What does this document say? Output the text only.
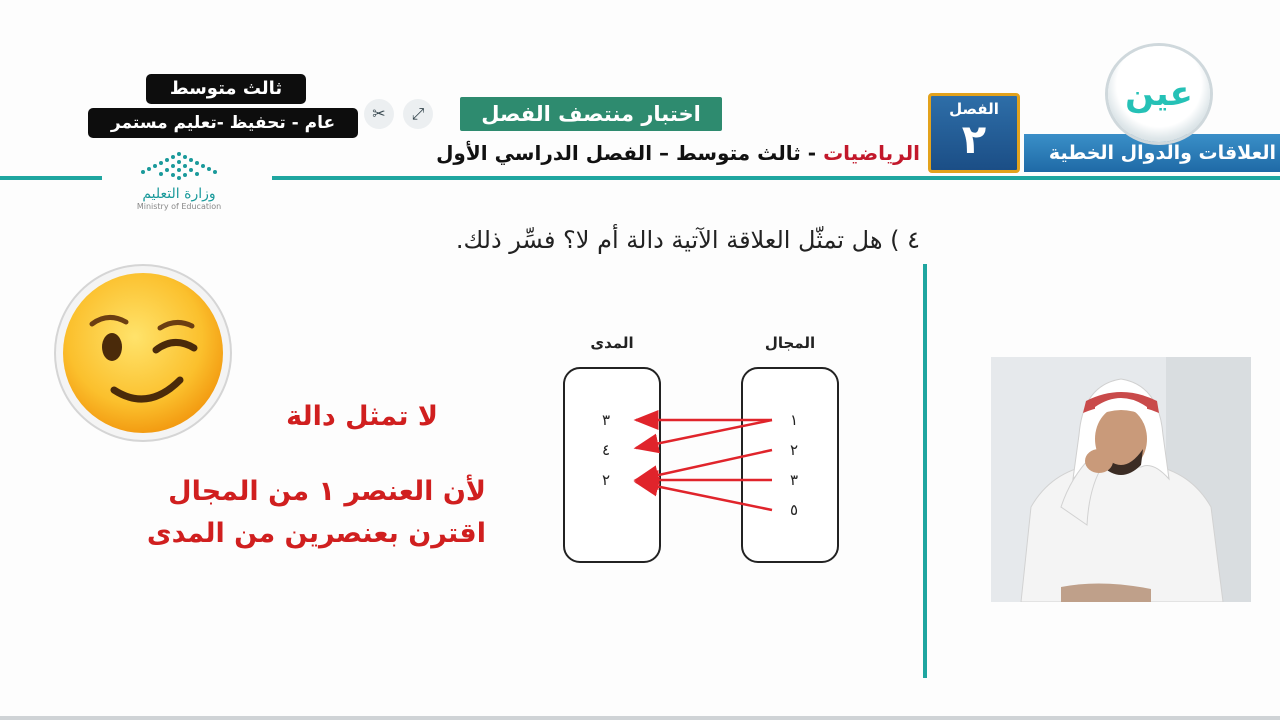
ثالث متوسط
عام - تحفيظ -تعليم مستمر	✂	⤢	اختبار منتصف الفصل
الرياضيات - ثالث متوسط – الفصل الدراسي الأول
الفصل
٢	العلاقات والدوال الخطية
عين
وزارة التعليم
Ministry of Education
٤ ) هل تمثّل العلاقة الآتية دالة أم لا؟ فسِّر ذلك.
لا تمثل دالة
لأن العنصر ١ من المجال
اقترن بعنصرين من المدى
المدى	المجال
٣
٤
٢
١
٢
٣
٥
